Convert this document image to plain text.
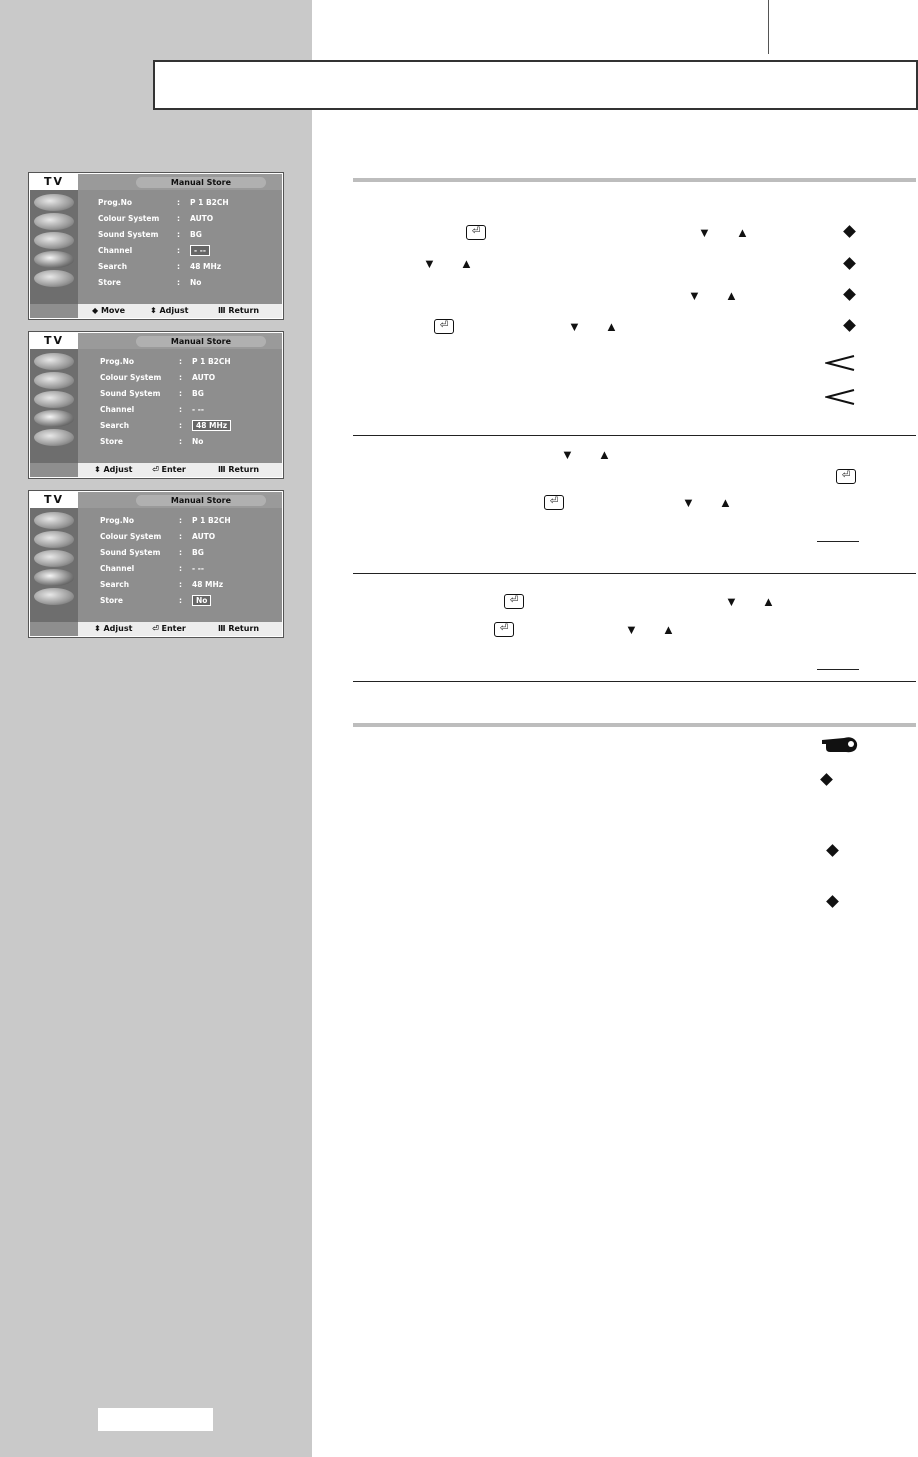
TV	Manual Store
Prog.No	: P 1 B2CH
Colour System	: AUTO
Sound System	: BG
Channel	:	- --
Search	: 48 MHz
Store	: No
◆ Move	⬍ Adjust	Ⅲ Return
TV	Manual Store
Prog.No	: P 1 B2CH
Colour System	: AUTO
Sound System	: BG
Channel	: - --
Search	:	48 MHz
Store	: No
⬍ Adjust ⏎ Enter	Ⅲ Return
TV	Manual Store
Prog.No	: P 1 B2CH
Colour System	: AUTO
Sound System	: BG
Channel	: - --
Search	: 48 MHz
Store	:	No
⬍ Adjust ⏎ Enter	Ⅲ Return
⏎	▼ ▲
▼ ▲
▼ ▲
⏎	▼ ▲
▼ ▲
⏎
⏎	▼ ▲
⏎	▼ ▲
⏎	▼ ▲
